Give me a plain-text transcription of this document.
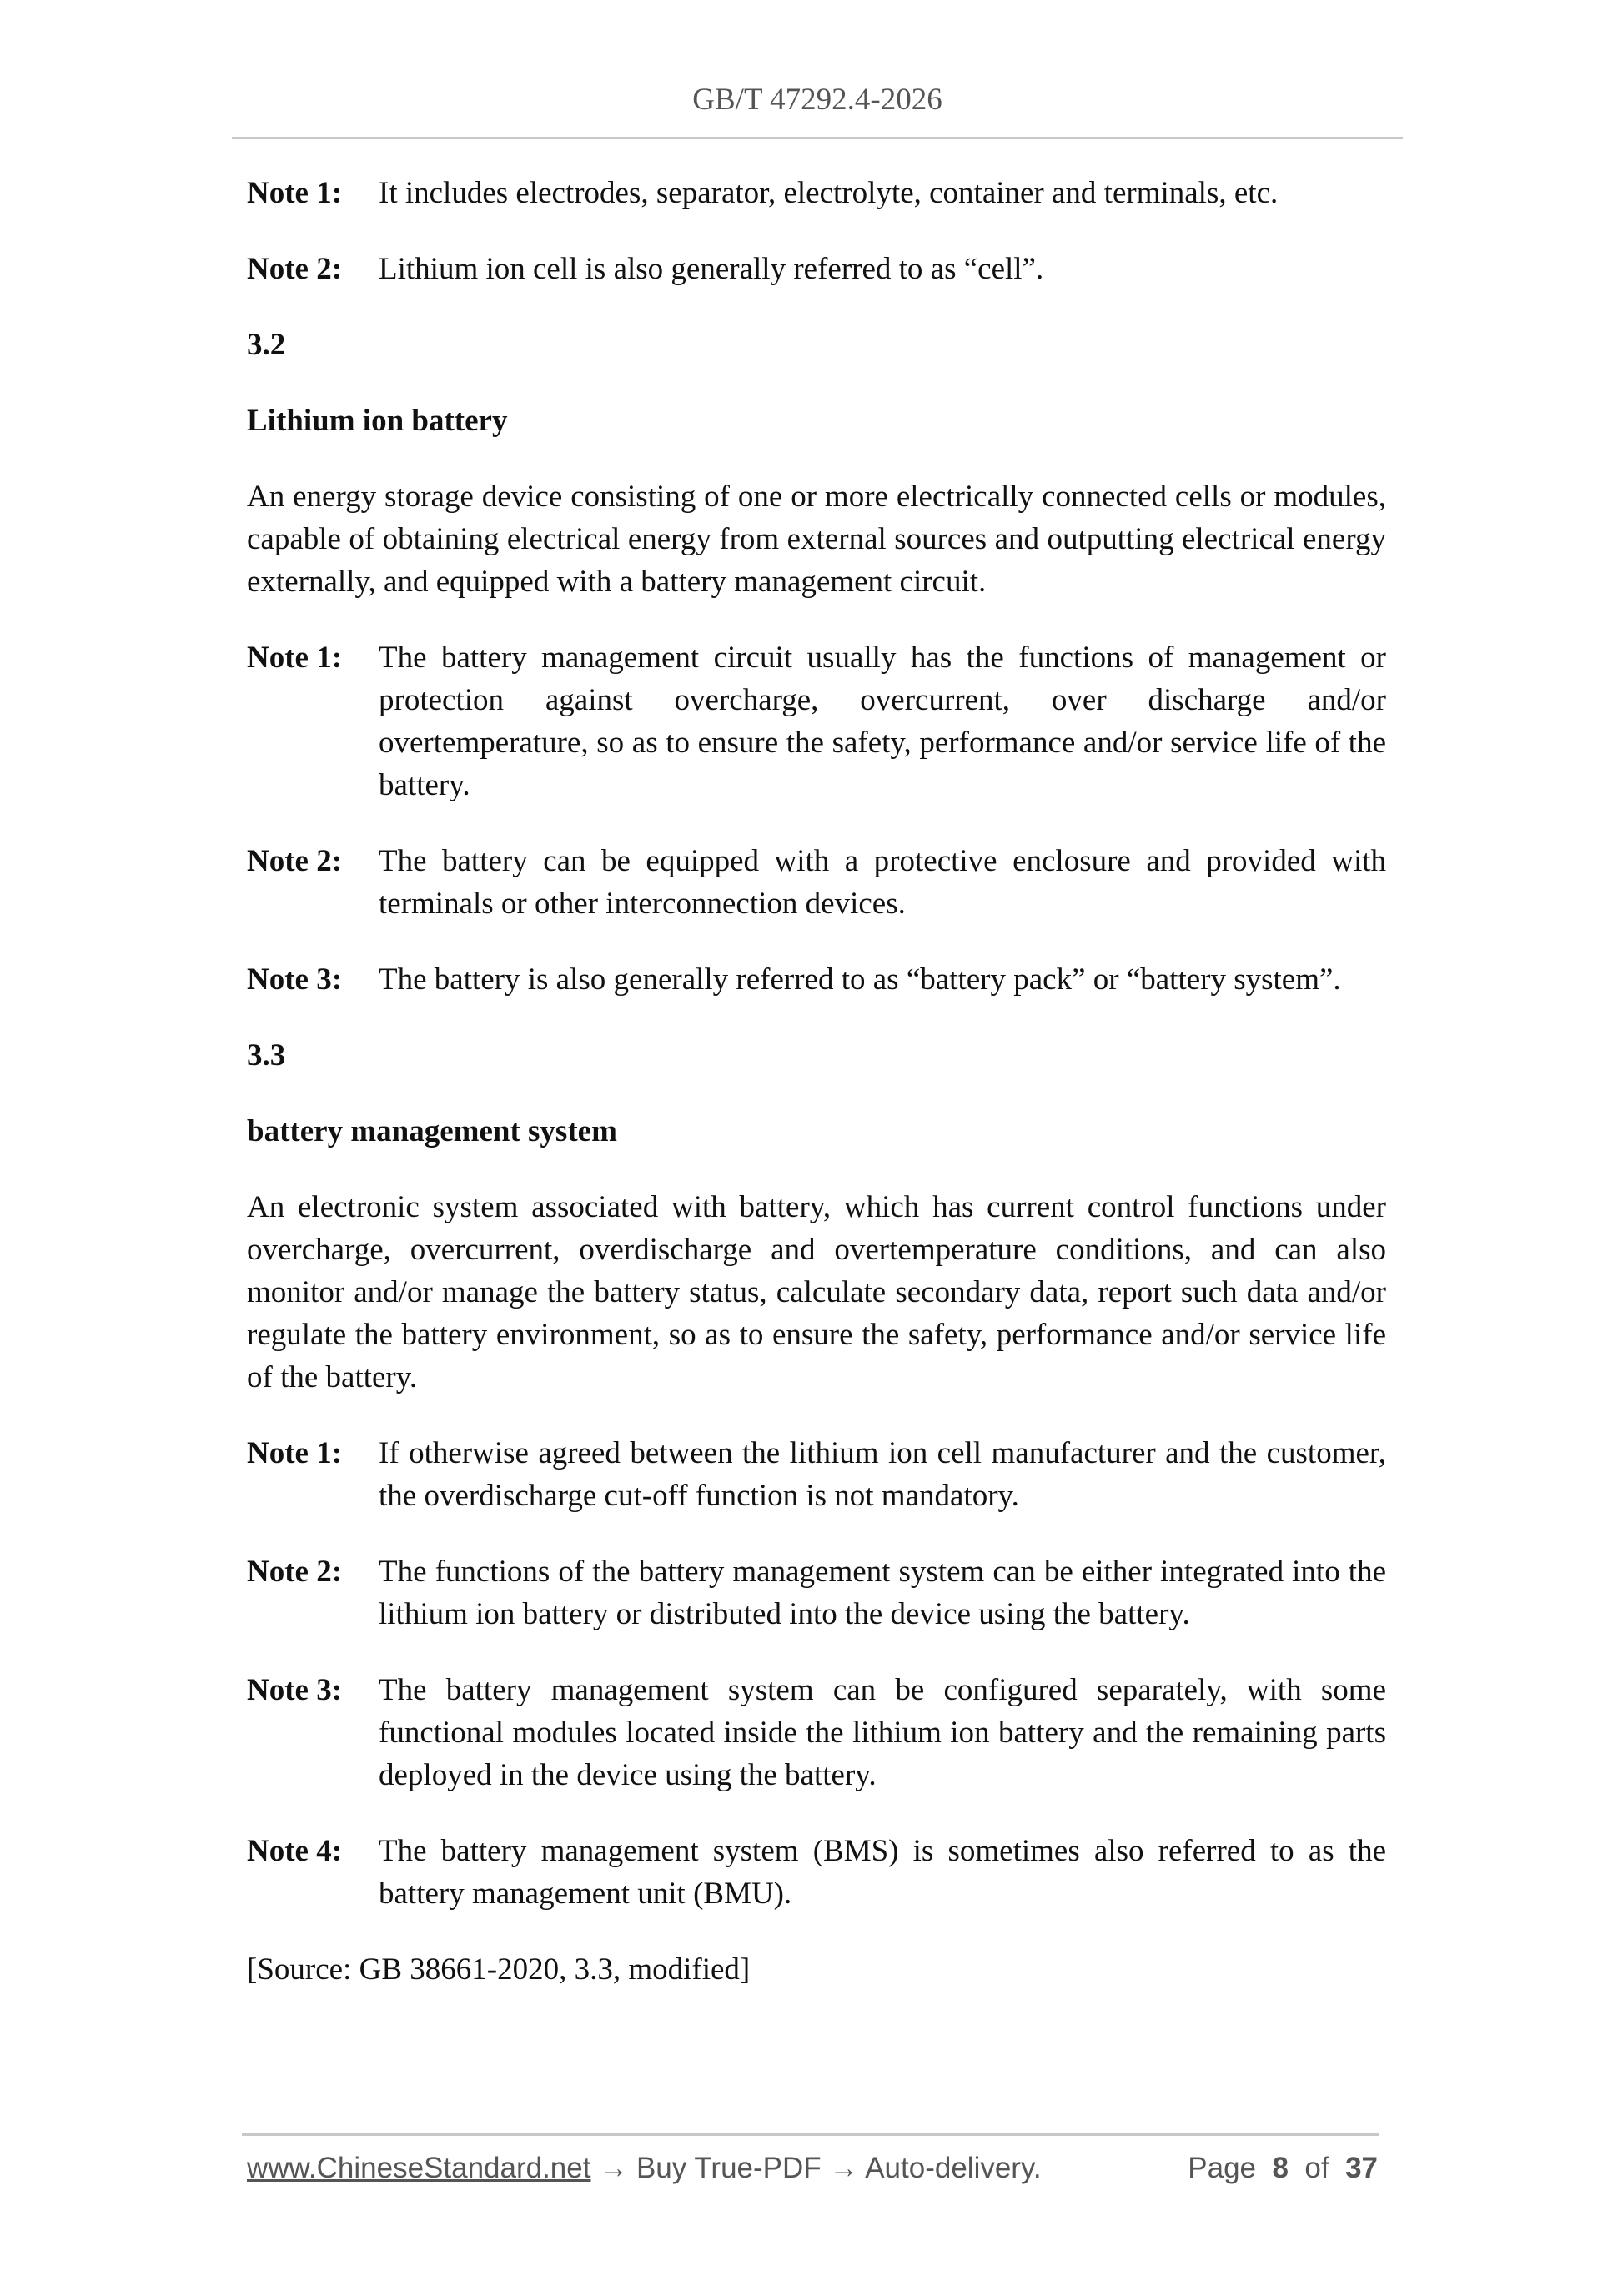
GB/T 47292.4-2026
Note 1:	It includes electrodes, separator, electrolyte, container and terminals, etc.
Note 2:	Lithium ion cell is also generally referred to as “cell”.
3.2
Lithium ion battery
An energy storage device consisting of one or more electrically connected cells or modules, capable of obtaining electrical energy from external sources and outputting electrical energy externally, and equipped with a battery management circuit.
Note 1:	The battery management circuit usually has the functions of management or protection against overcharge, overcurrent, over discharge and/or overtemperature, so as to ensure the safety, performance and/or service life of the battery.
Note 2:	The battery can be equipped with a protective enclosure and provided with terminals or other interconnection devices.
Note 3:	The battery is also generally referred to as “battery pack” or “battery system”.
3.3
battery management system
An electronic system associated with battery, which has current control functions under overcharge, overcurrent, overdischarge and overtemperature conditions, and can also monitor and/or manage the battery status, calculate secondary data, report such data and/or regulate the battery environment, so as to ensure the safety, performance and/or service life of the battery.
Note 1:	If otherwise agreed between the lithium ion cell manufacturer and the customer, the overdischarge cut-off function is not mandatory.
Note 2:	The functions of the battery management system can be either integrated into the lithium ion battery or distributed into the device using the battery.
Note 3:	The battery management system can be configured separately, with some functional modules located inside the lithium ion battery and the remaining parts deployed in the device using the battery.
Note 4:	The battery management system (BMS) is sometimes also referred to as the battery management unit (BMU).
[Source: GB 38661-2020, 3.3, modified]
www.ChineseStandard.net → Buy True-PDF → Auto-delivery.	Page 8 of 37
